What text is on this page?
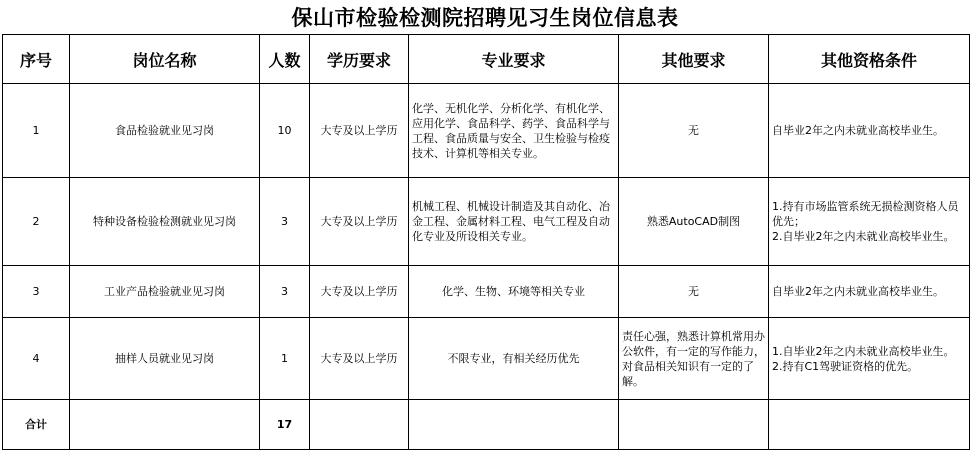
保山市检验检测院招聘见习生岗位信息表
序号	岗位名称	人数	学历要求	专业要求	其他要求	其他资格条件
1	食品检验就业见习岗	10	大专及以上学历	化学、无机化学、分析化学、有机化学、应用化学、食品科学、药学、食品科学与工程、食品质量与安全、卫生检验与检疫技术、计算机等相关专业。	无	自毕业2年之内未就业高校毕业生。
2	特种设备检验检测就业见习岗	3	大专及以上学历	机械工程、机械设计制造及其自动化、冶金工程、金属材料工程、电气工程及自动化专业及所设相关专业。	熟悉AutoCAD制图	1.持有市场监管系统无损检测资格人员优先；
2.自毕业2年之内未就业高校毕业生。
3	工业产品检验就业见习岗	3	大专及以上学历	化学、生物、环境等相关专业	无	自毕业2年之内未就业高校毕业生。
4	抽样人员就业见习岗	1	大专及以上学历	不限专业，有相关经历优先	责任心强，熟悉计算机常用办公软件，有一定的写作能力，对食品相关知识有一定的了解。	1.自毕业2年之内未就业高校毕业生。
2.持有C1驾驶证资格的优先。
合计		17				
